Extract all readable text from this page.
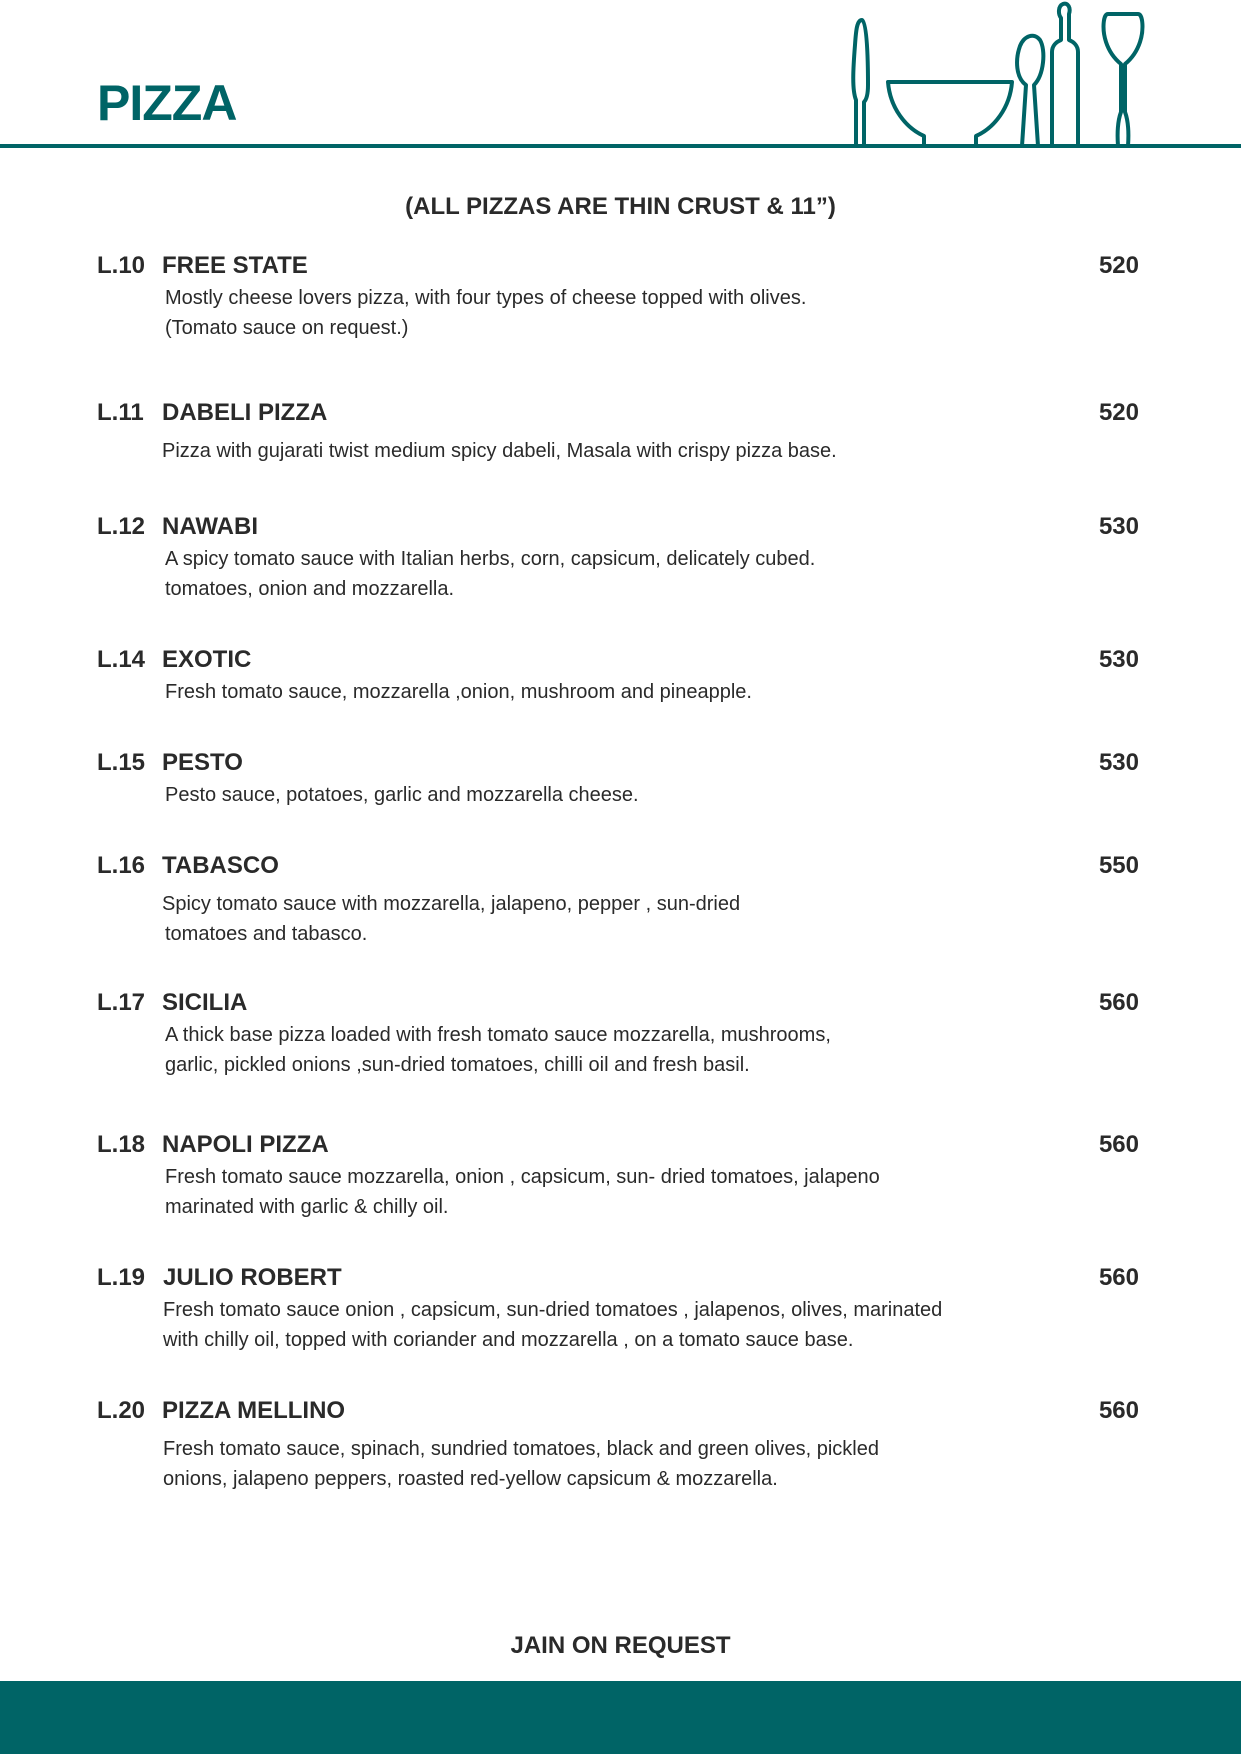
PIZZA
(ALL PIZZAS ARE THIN CRUST & 11”)
L.10 FREE STATE	520

Mostly cheese lovers pizza, with four types of cheese topped with olives.
(Tomato sauce on request.)

L.11 DABELI PIZZA	520

Pizza with gujarati twist medium spicy dabeli, Masala with crispy pizza base.

L.12 NAWABI	530

A spicy tomato sauce with Italian herbs, corn, capsicum, delicately cubed.
tomatoes, onion and mozzarella.

L.14 EXOTIC	530

Fresh tomato sauce, mozzarella ,onion, mushroom and pineapple.

L.15 PESTO	530

Pesto sauce, potatoes, garlic and mozzarella cheese.

L.16 TABASCO	550

Spicy tomato sauce with mozzarella, jalapeno, pepper , sun-dried
tomatoes and tabasco.

L.17 SICILIA	560

A thick base pizza loaded with fresh tomato sauce mozzarella, mushrooms,
garlic, pickled onions ,sun-dried tomatoes, chilli oil and fresh basil.

L.18 NAPOLI PIZZA	560

Fresh tomato sauce mozzarella, onion , capsicum, sun- dried tomatoes, jalapeno
marinated with garlic & chilly oil.

L.19 JULIO ROBERT	560

Fresh tomato sauce onion , capsicum, sun-dried tomatoes , jalapenos, olives, marinated
with chilly oil, topped with coriander and mozzarella , on a tomato sauce base.

L.20 PIZZA MELLINO	560

Fresh tomato sauce, spinach, sundried tomatoes, black and green olives, pickled
onions, jalapeno peppers, roasted red-yellow capsicum & mozzarella.

JAIN ON REQUEST
